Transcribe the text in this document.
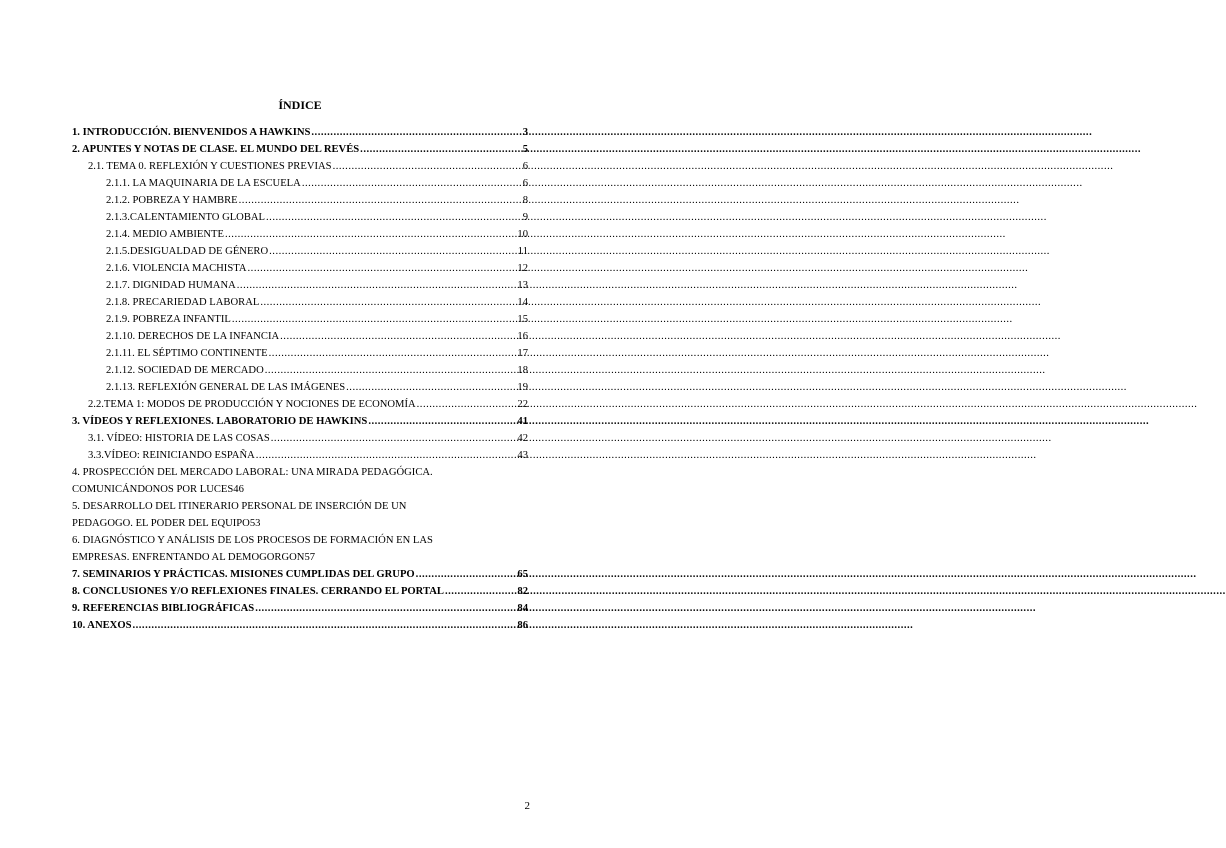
ÍNDICE
1. INTRODUCCIÓN. BIENVENIDOS A HAWKINS .....	3
2. APUNTES Y NOTAS DE CLASE. EL MUNDO DEL REVÉS .....	5
2.1. TEMA 0. REFLEXIÓN Y CUESTIONES PREVIAS .....	6
2.1.1. LA MAQUINARIA DE LA ESCUELA .....	6
2.1.2. POBREZA Y HAMBRE .....	8
2.1.3.CALENTAMIENTO GLOBAL .....	9
2.1.4. MEDIO AMBIENTE .....	10
2.1.5.DESIGUALDAD DE GÉNERO .....	11
2.1.6. VIOLENCIA MACHISTA .....	12
2.1.7. DIGNIDAD HUMANA .....	13
2.1.8. PRECARIEDAD LABORAL .....	14
2.1.9. POBREZA INFANTIL .....	15
2.1.10. DERECHOS DE LA INFANCIA .....	16
2.1.11. EL SÉPTIMO CONTINENTE .....	17
2.1.12. SOCIEDAD DE MERCADO .....	18
2.1.13. REFLEXIÓN GENERAL DE LAS IMÁGENES .....	19
2.2.TEMA 1: MODOS DE PRODUCCIÓN Y NOCIONES DE ECONOMÍA .....	22
3. VÍDEOS Y REFLEXIONES. LABORATORIO DE HAWKINS .....	41
3.1. VÍDEO: HISTORIA DE LAS COSAS .....	42
3.3.VÍDEO: REINICIANDO ESPAÑA .....	43
4. PROSPECCIÓN DEL MERCADO LABORAL: UNA MIRADA PEDAGÓGICA.
COMUNICÁNDONOS POR LUCES 46
5. DESARROLLO DEL ITINERARIO PERSONAL DE INSERCIÓN DE UN
PEDAGOGO. EL PODER DEL EQUIPO 53
6. DIAGNÓSTICO Y ANÁLISIS DE LOS PROCESOS DE FORMACIÓN EN LAS
EMPRESAS. ENFRENTANDO AL DEMOGORGON 57
7. SEMINARIOS Y PRÁCTICAS. MISIONES CUMPLIDAS DEL GRUPO .....	65
8. CONCLUSIONES Y/O REFLEXIONES FINALES. CERRANDO EL PORTAL .....	82
9. REFERENCIAS BIBLIOGRÁFICAS .....	84
10. ANEXOS .....	86
2
